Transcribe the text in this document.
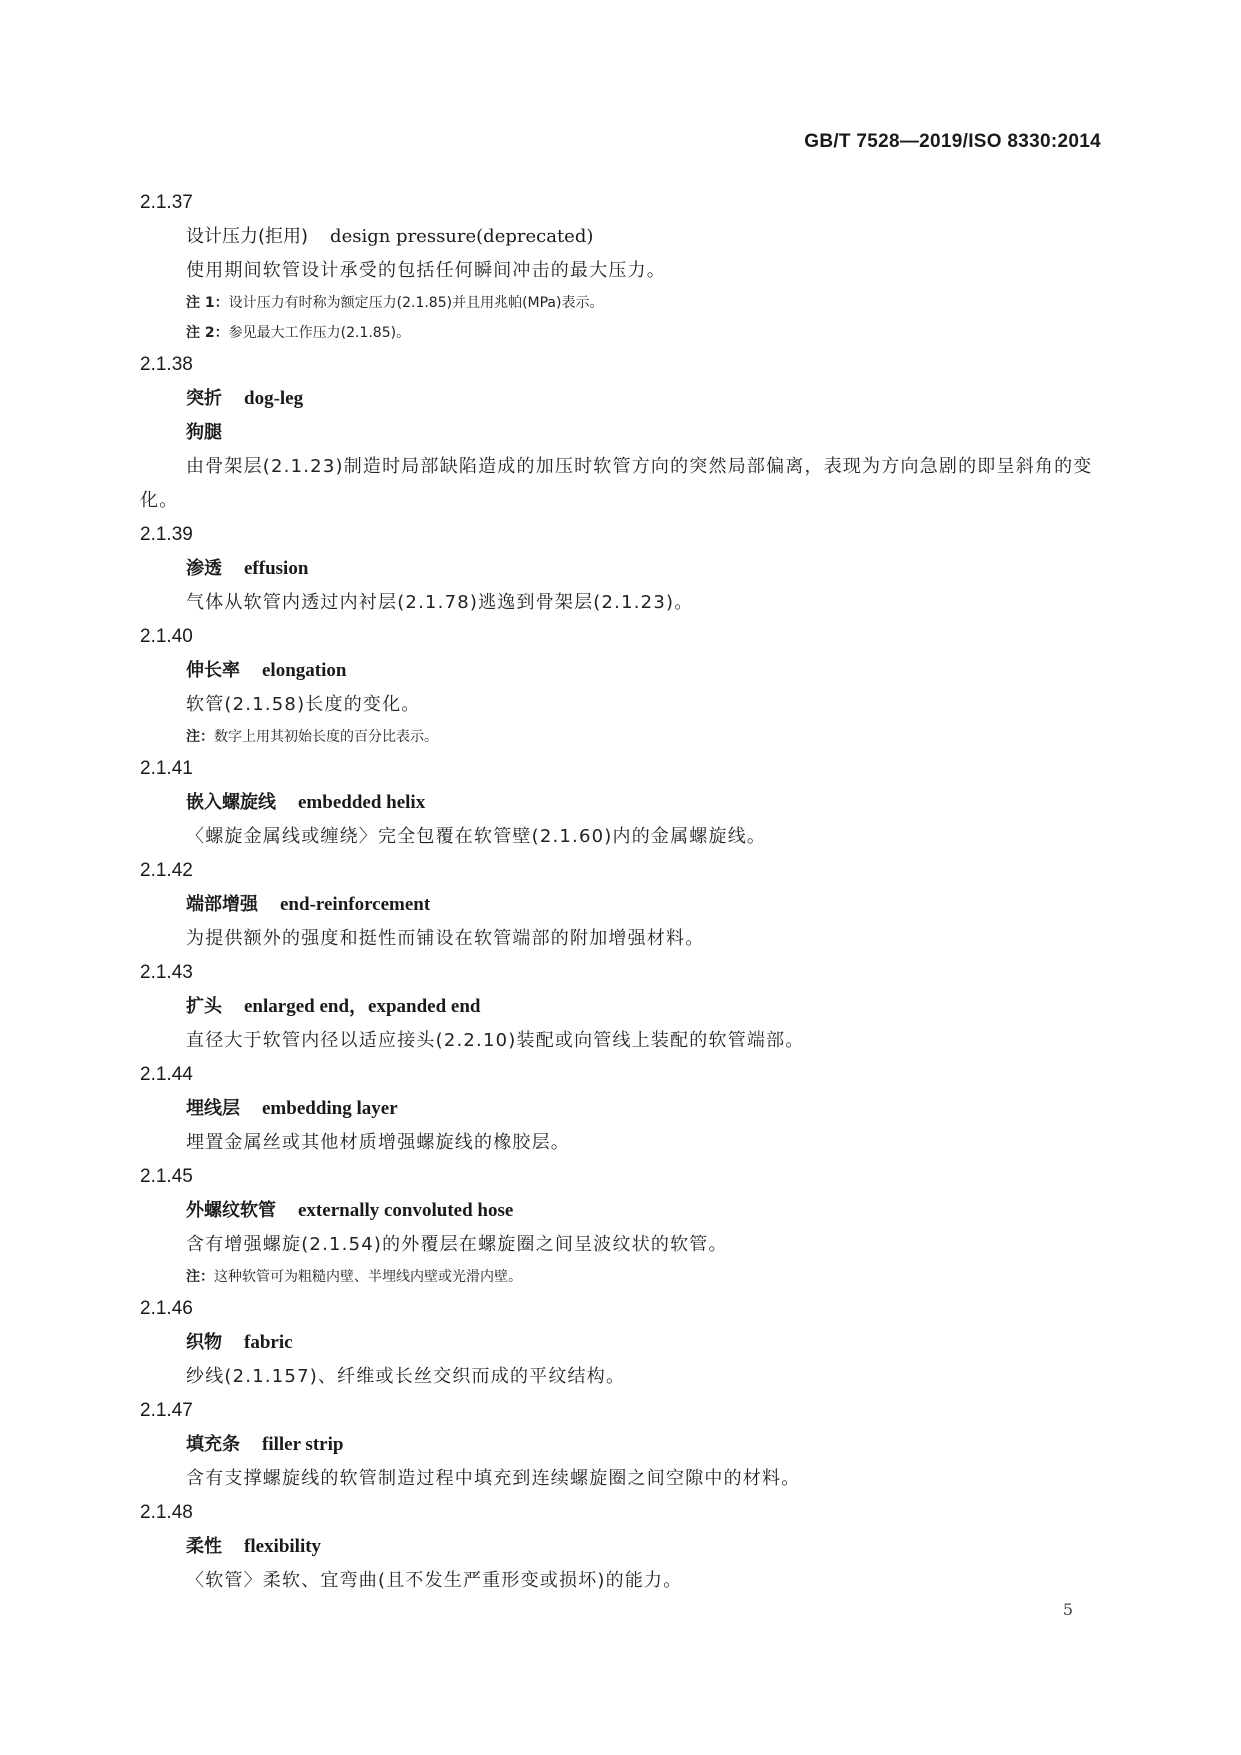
GB/T 7528—2019/ISO 8330:2014
2.1.37
设计压力(拒用) design pressure(deprecated)
使用期间软管设计承受的包括任何瞬间冲击的最大压力。
注 1：设计压力有时称为额定压力(2.1.85)并且用兆帕(MPa)表示。
注 2：参见最大工作压力(2.1.85)。
2.1.38
突折 dog-leg
狗腿
由骨架层(2.1.23)制造时局部缺陷造成的加压时软管方向的突然局部偏离，表现为方向急剧的即呈斜角的变化。
2.1.39
渗透 effusion
气体从软管内透过内衬层(2.1.78)逃逸到骨架层(2.1.23)。
2.1.40
伸长率 elongation
软管(2.1.58)长度的变化。
注：数字上用其初始长度的百分比表示。
2.1.41
嵌入螺旋线 embedded helix
〈螺旋金属线或缠绕〉完全包覆在软管壁(2.1.60)内的金属螺旋线。
2.1.42
端部增强 end-reinforcement
为提供额外的强度和挺性而铺设在软管端部的附加增强材料。
2.1.43
扩头 enlarged end，expanded end
直径大于软管内径以适应接头(2.2.10)装配或向管线上装配的软管端部。
2.1.44
埋线层 embedding layer
埋置金属丝或其他材质增强螺旋线的橡胶层。
2.1.45
外螺纹软管 externally convoluted hose
含有增强螺旋(2.1.54)的外覆层在螺旋圈之间呈波纹状的软管。
注：这种软管可为粗糙内壁、半埋线内壁或光滑内壁。
2.1.46
织物 fabric
纱线(2.1.157)、纤维或长丝交织而成的平纹结构。
2.1.47
填充条 filler strip
含有支撑螺旋线的软管制造过程中填充到连续螺旋圈之间空隙中的材料。
2.1.48
柔性 flexibility
〈软管〉柔软、宜弯曲(且不发生严重形变或损坏)的能力。
5
